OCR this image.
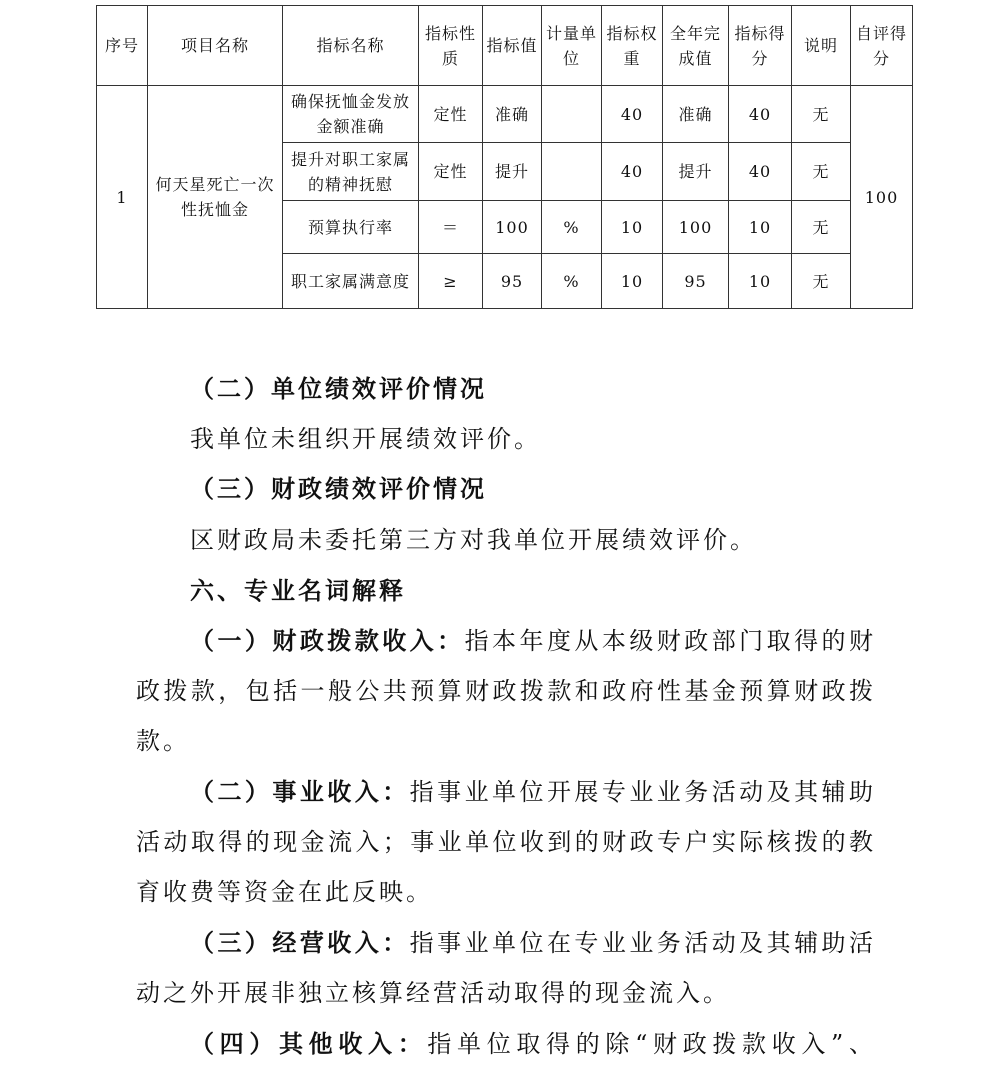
序号	项目名称	指标名称	指标性质	指标值	计量单位	指标权重	全年完成值	指标得分	说明	自评得分
1	何天星死亡一次性抚恤金	确保抚恤金发放金额准确	定性	准确		40	准确	40	无	100
		提升对职工家属的精神抚慰	定性	提升		40	提升	40	无	
		预算执行率	＝	100	%	10	100	10	无	
		职工家属满意度	≥	95	%	10	95	10	无	

（二）单位绩效评价情况

我单位未组织开展绩效评价。

（三）财政绩效评价情况

区财政局未委托第三方对我单位开展绩效评价。

六、专业名词解释

（一）财政拨款收入：指本年度从本级财政部门取得的财
政拨款，包括一般公共预算财政拨款和政府性基金预算财政拨
款。
（二）事业收入：指事业单位开展专业业务活动及其辅助
活动取得的现金流入；事业单位收到的财政专户实际核拨的教
育收费等资金在此反映。
（三）经营收入：指事业单位在专业业务活动及其辅助活
动之外开展非独立核算经营活动取得的现金流入。
（四）其他收入：指单位取得的除“财政拨款收入”、
